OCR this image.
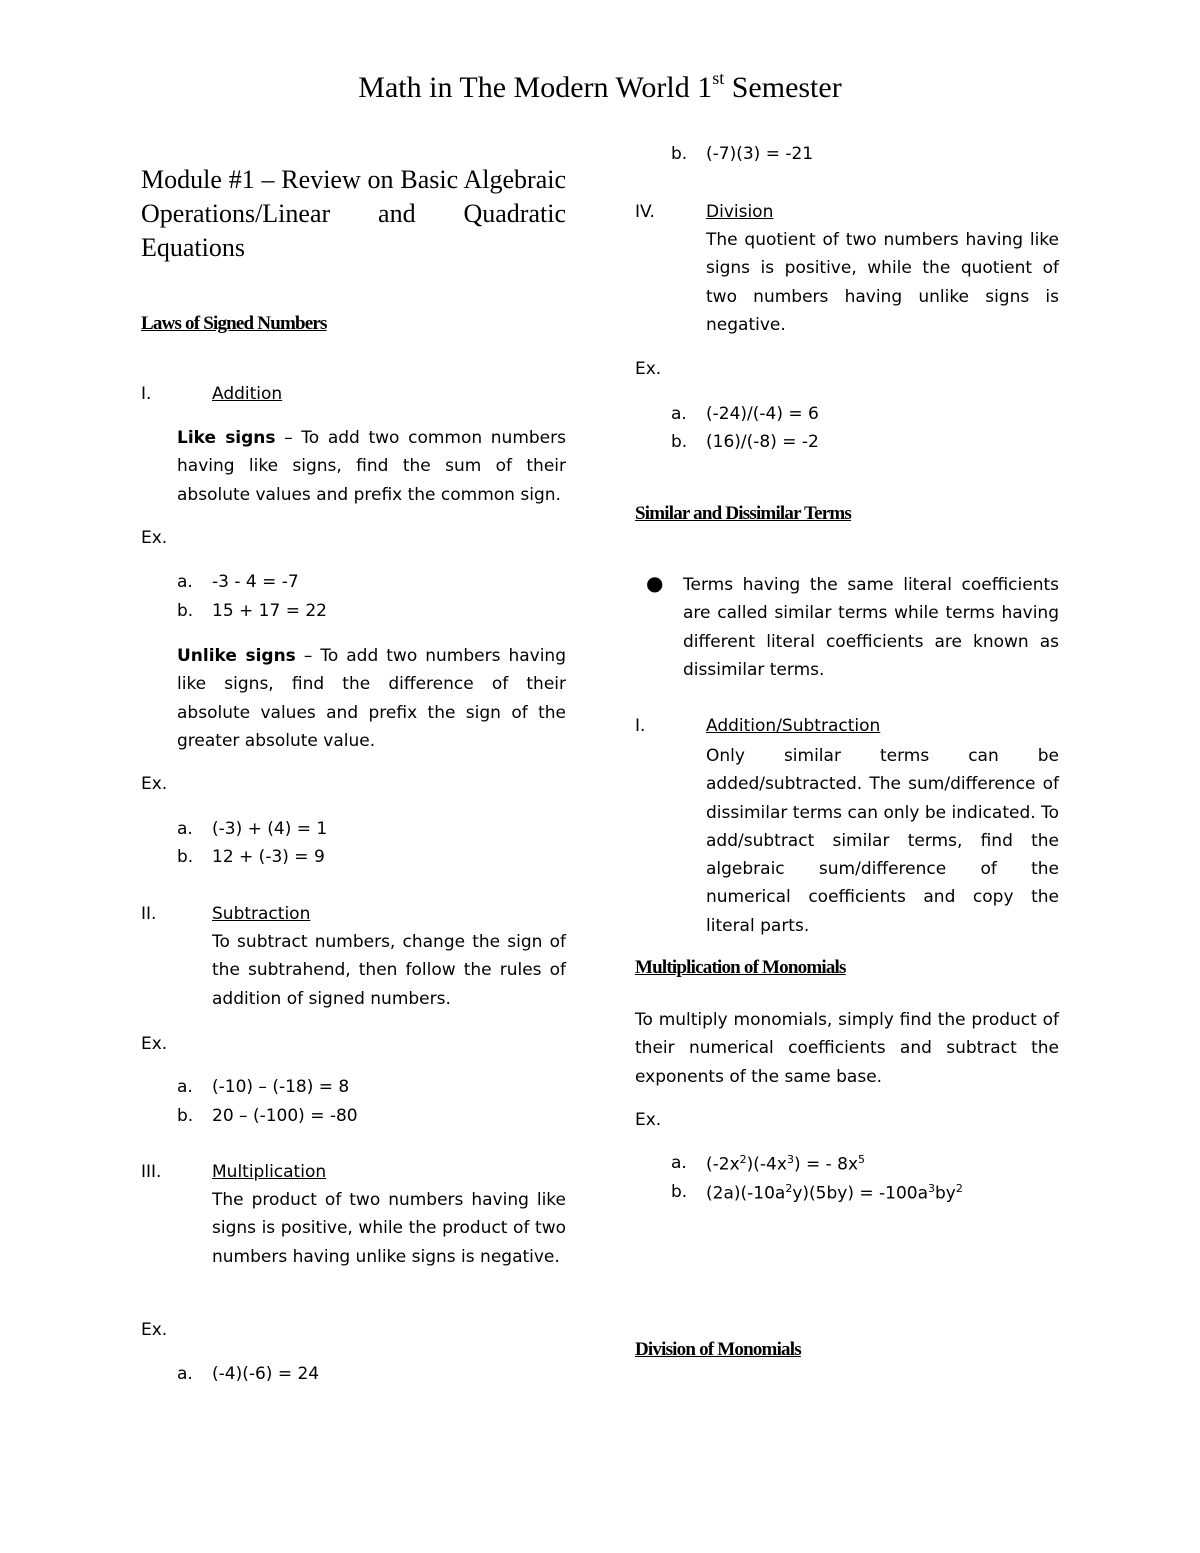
Math in The Modern World 1st Semester
Module #1 – Review on Basic Algebraic Operations/Linear and Quadratic Equations
Laws of Signed Numbers
I.	Addition
Like signs – To add two common numbers having like signs, find the sum of their absolute values and prefix the common sign.
Ex.
a. -3 - 4 = -7
b. 15 + 17 = 22
Unlike signs – To add two numbers having like signs, find the difference of their absolute values and prefix the sign of the greater absolute value.
Ex.
a. (-3) + (4) = 1
b. 12 + (-3) = 9
II.	Subtraction
To subtract numbers, change the sign of the subtrahend, then follow the rules of addition of signed numbers.
Ex.
a. (-10) – (-18) = 8
b. 20 – (-100) = -80
III.	Multiplication
The product of two numbers having like signs is positive, while the product of two numbers having unlike signs is negative.
Ex.
a. (-4)(-6) = 24
b. (-7)(3) = -21
IV.	Division
The quotient of two numbers having like signs is positive, while the quotient of two numbers having unlike signs is negative.
Ex.
a. (-24)/(-4) = 6
b. (16)/(-8) = -2
Similar and Dissimilar Terms
● Terms having the same literal coefficients are called similar terms while terms having different literal coefficients are known as dissimilar terms.
I.	Addition/Subtraction
Only similar terms can be added/subtracted. The sum/difference of dissimilar terms can only be indicated. To add/subtract similar terms, find the algebraic sum/difference of the numerical coefficients and copy the literal parts.
Multiplication of Monomials
To multiply monomials, simply find the product of their numerical coefficients and subtract the exponents of the same base.
Ex.
a. $(-2x^2)(-4x^3)$ = - $8x^5$
b. $(2a)(-10a^2y)(5by) = -100a^3by^2$
Division of Monomials
